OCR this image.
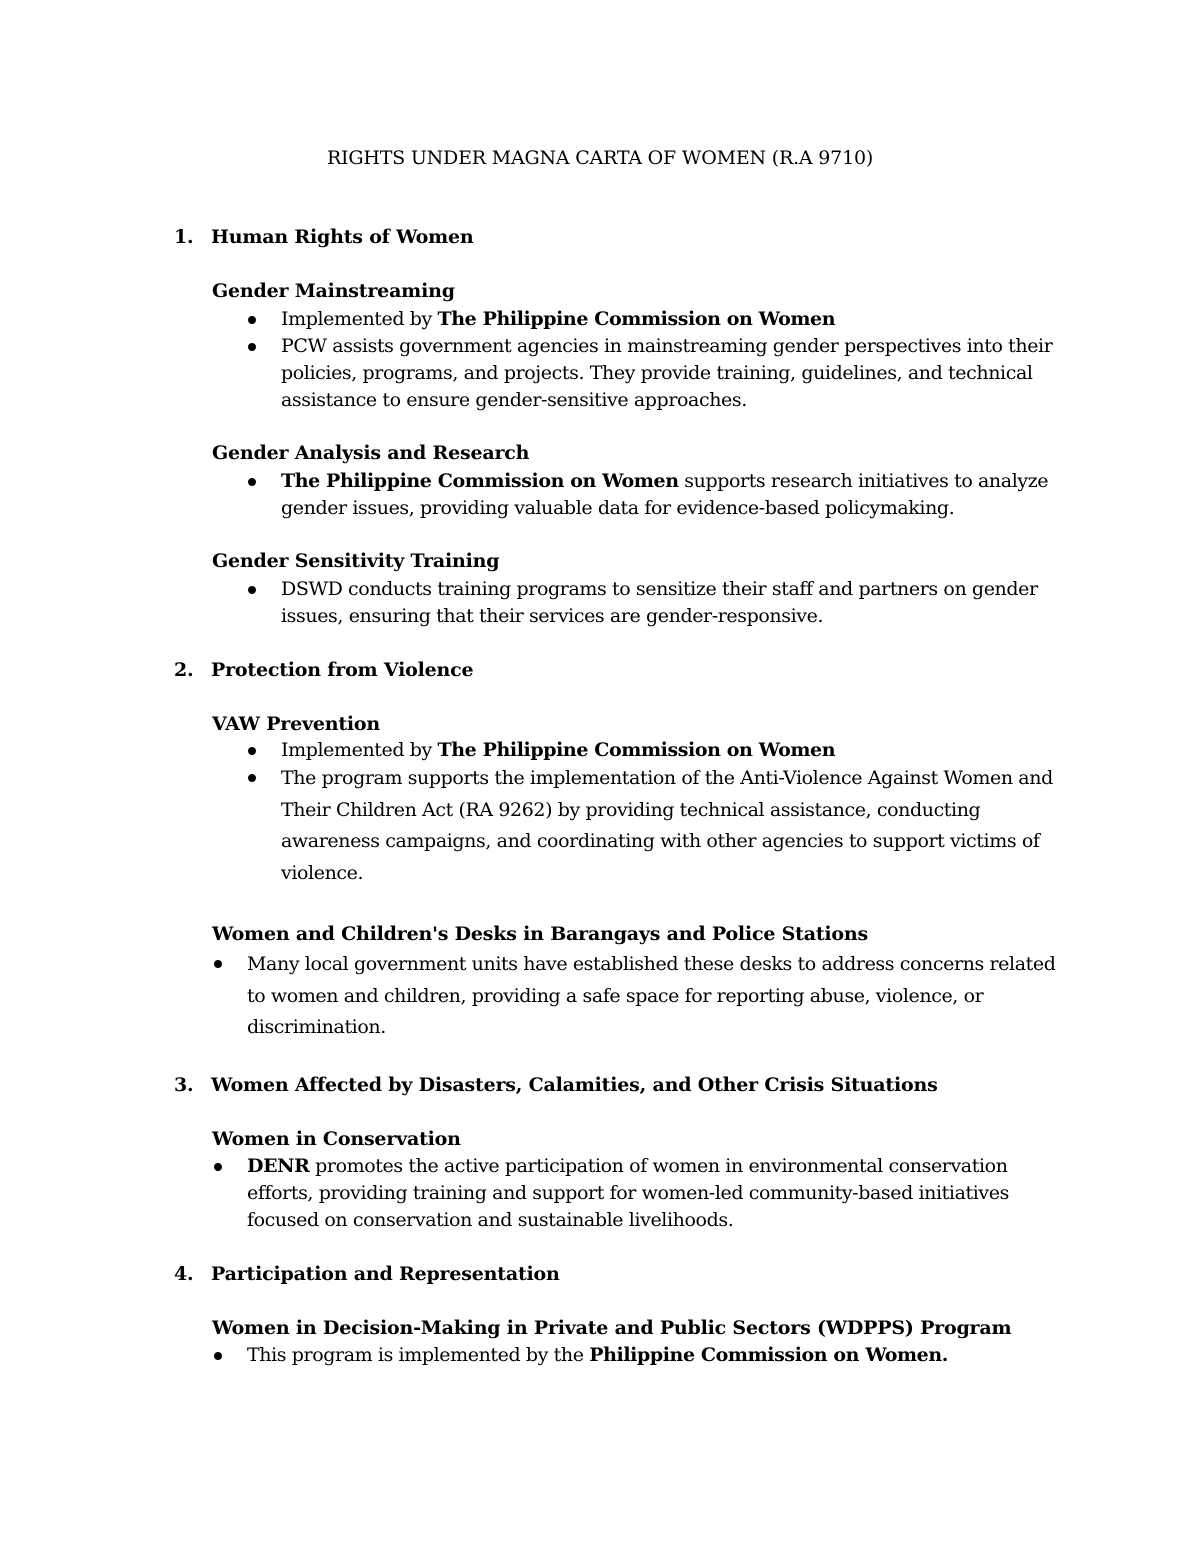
RIGHTS UNDER MAGNA CARTA OF WOMEN (R.A 9710)
1. Human Rights of Women
Gender Mainstreaming
Implemented by The Philippine Commission on Women
PCW assists government agencies in mainstreaming gender perspectives into their policies, programs, and projects. They provide training, guidelines, and technical assistance to ensure gender-sensitive approaches.
Gender Analysis and Research
The Philippine Commission on Women supports research initiatives to analyze gender issues, providing valuable data for evidence-based policymaking.
Gender Sensitivity Training
DSWD conducts training programs to sensitize their staff and partners on gender issues, ensuring that their services are gender-responsive.
2. Protection from Violence
VAW Prevention
Implemented by The Philippine Commission on Women
The program supports the implementation of the Anti-Violence Against Women and Their Children Act (RA 9262) by providing technical assistance, conducting awareness campaigns, and coordinating with other agencies to support victims of violence.
Women and Children's Desks in Barangays and Police Stations
Many local government units have established these desks to address concerns related to women and children, providing a safe space for reporting abuse, violence, or discrimination.
3. Women Affected by Disasters, Calamities, and Other Crisis Situations
Women in Conservation
DENR promotes the active participation of women in environmental conservation efforts, providing training and support for women-led community-based initiatives focused on conservation and sustainable livelihoods.
4. Participation and Representation
Women in Decision-Making in Private and Public Sectors (WDPPS) Program
This program is implemented by the Philippine Commission on Women.
